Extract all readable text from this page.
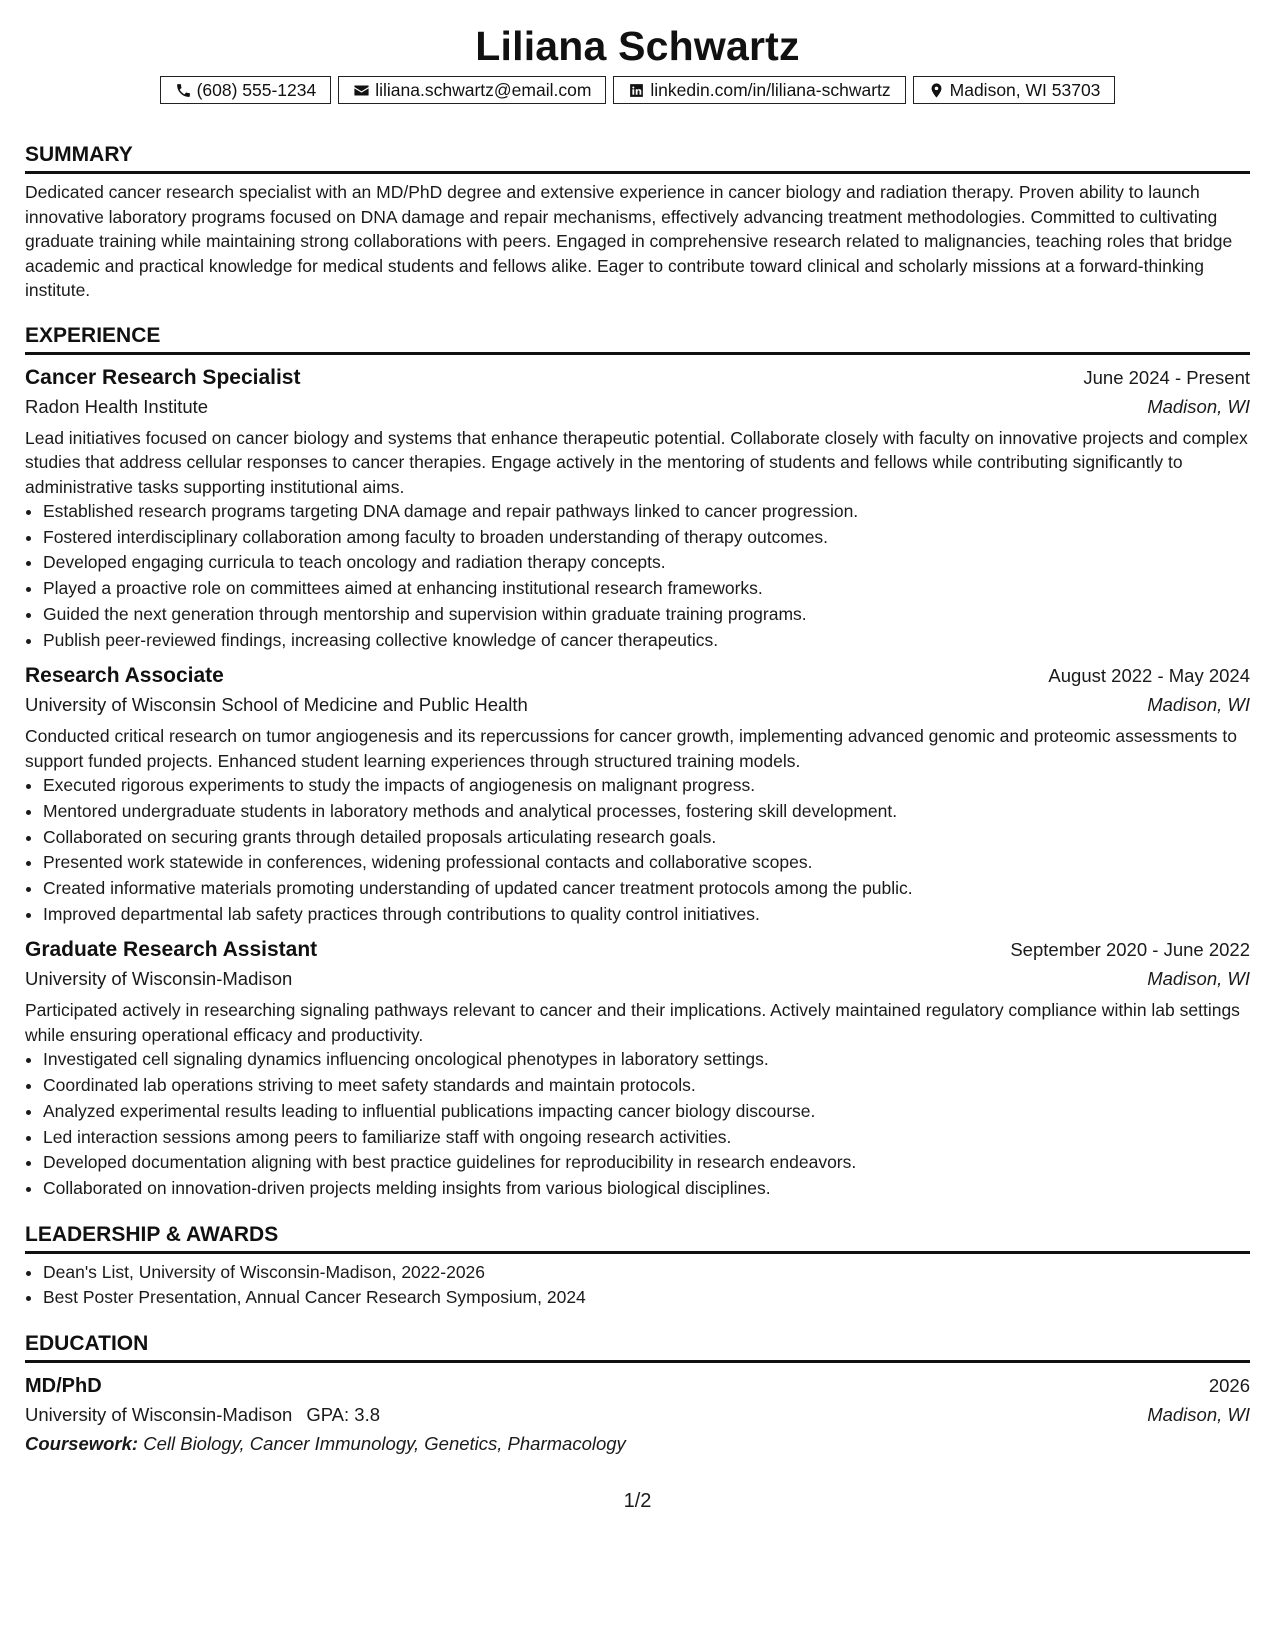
Liliana Schwartz
(608) 555-1234	liliana.schwartz@email.com	linkedin.com/in/liliana-schwartz	Madison, WI 53703
SUMMARY
Dedicated cancer research specialist with an MD/PhD degree and extensive experience in cancer biology and radiation therapy. Proven ability to launch innovative laboratory programs focused on DNA damage and repair mechanisms, effectively advancing treatment methodologies. Committed to cultivating graduate training while maintaining strong collaborations with peers. Engaged in comprehensive research related to malignancies, teaching roles that bridge academic and practical knowledge for medical students and fellows alike. Eager to contribute toward clinical and scholarly missions at a forward-thinking institute.
EXPERIENCE
Cancer Research Specialist	June 2024 - Present
Radon Health Institute	Madison, WI
Lead initiatives focused on cancer biology and systems that enhance therapeutic potential. Collaborate closely with faculty on innovative projects and complex studies that address cellular responses to cancer therapies. Engage actively in the mentoring of students and fellows while contributing significantly to administrative tasks supporting institutional aims.
• Established research programs targeting DNA damage and repair pathways linked to cancer progression.
• Fostered interdisciplinary collaboration among faculty to broaden understanding of therapy outcomes.
• Developed engaging curricula to teach oncology and radiation therapy concepts.
• Played a proactive role on committees aimed at enhancing institutional research frameworks.
• Guided the next generation through mentorship and supervision within graduate training programs.
• Publish peer-reviewed findings, increasing collective knowledge of cancer therapeutics.
Research Associate	August 2022 - May 2024
University of Wisconsin School of Medicine and Public Health	Madison, WI
Conducted critical research on tumor angiogenesis and its repercussions for cancer growth, implementing advanced genomic and proteomic assessments to support funded projects. Enhanced student learning experiences through structured training models.
• Executed rigorous experiments to study the impacts of angiogenesis on malignant progress.
• Mentored undergraduate students in laboratory methods and analytical processes, fostering skill development.
• Collaborated on securing grants through detailed proposals articulating research goals.
• Presented work statewide in conferences, widening professional contacts and collaborative scopes.
• Created informative materials promoting understanding of updated cancer treatment protocols among the public.
• Improved departmental lab safety practices through contributions to quality control initiatives.
Graduate Research Assistant	September 2020 - June 2022
University of Wisconsin-Madison	Madison, WI
Participated actively in researching signaling pathways relevant to cancer and their implications. Actively maintained regulatory compliance within lab settings while ensuring operational efficacy and productivity.
• Investigated cell signaling dynamics influencing oncological phenotypes in laboratory settings.
• Coordinated lab operations striving to meet safety standards and maintain protocols.
• Analyzed experimental results leading to influential publications impacting cancer biology discourse.
• Led interaction sessions among peers to familiarize staff with ongoing research activities.
• Developed documentation aligning with best practice guidelines for reproducibility in research endeavors.
• Collaborated on innovation-driven projects melding insights from various biological disciplines.
LEADERSHIP & AWARDS
• Dean's List, University of Wisconsin-Madison, 2022-2026
• Best Poster Presentation, Annual Cancer Research Symposium, 2024
EDUCATION
MD/PhD	2026
University of Wisconsin-Madison GPA: 3.8	Madison, WI
Coursework: Cell Biology, Cancer Immunology, Genetics, Pharmacology
1/2
